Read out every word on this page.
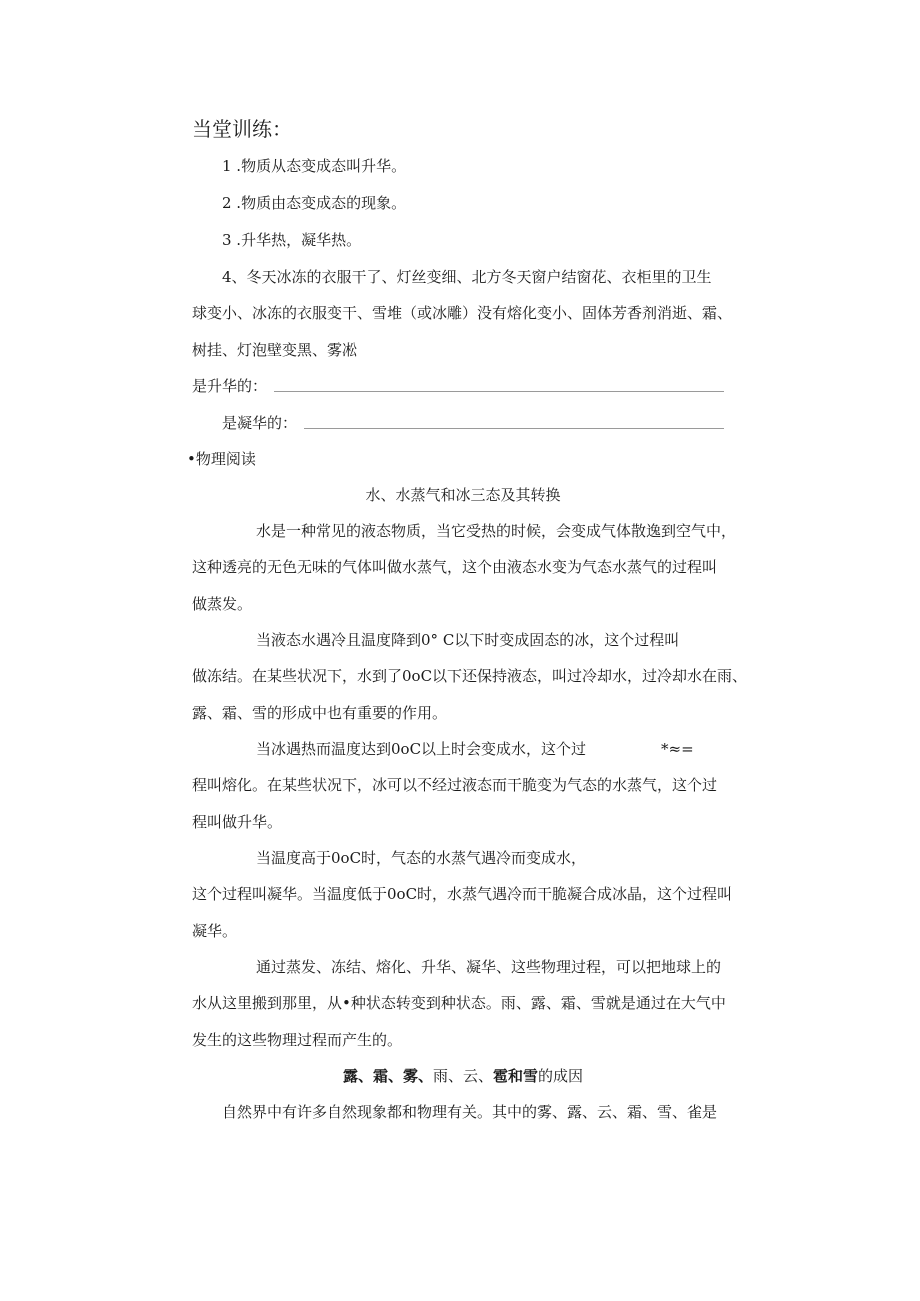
当堂训练：
1 .物质从态变成态叫升华。
2 .物质由态变成态的现象。
3 .升华热，凝华热。
4、冬天冰冻的衣服干了、灯丝变细、北方冬天窗户结窗花、衣柜里的卫生
球变小、冰冻的衣服变干、雪堆（或冰雕）没有熔化变小、固体芳香剂消逝、霜、
树挂、灯泡壁变黑、雾凇
是升华的：
是凝华的：
•物理阅读
水、水蒸气和冰三态及其转换
水是一种常见的液态物质，当它受热的时候，会变成气体散逸到空气中，
这种透亮的无色无味的气体叫做水蒸气，这个由液态水变为气态水蒸气的过程叫
做蒸发。
当液态水遇冷且温度降到0° C以下时变成固态的冰，这个过程叫
做冻结。在某些状况下，水到了0oC以下还保持液态，叫过冷却水，过冷却水在雨、
露、霜、雪的形成中也有重要的作用。
当冰遇热而温度达到0oC以上时会变成水，这个过	*≈=
程叫熔化。在某些状况下，冰可以不经过液态而干脆变为气态的水蒸气，这个过
程叫做升华。
当温度高于0oC时，气态的水蒸气遇冷而变成水，
这个过程叫凝华。当温度低于0oC时，水蒸气遇冷而干脆凝合成冰晶，这个过程叫
凝华。
通过蒸发、冻结、熔化、升华、凝华、这些物理过程，可以把地球上的
水从这里搬到那里，从•种状态转变到种状态。雨、露、霜、雪就是通过在大气中
发生的这些物理过程而产生的。
露、霜、雾、雨、云、雹和雪的成因
自然界中有许多自然现象都和物理有关。其中的雾、露、云、霜、雪、雀是
